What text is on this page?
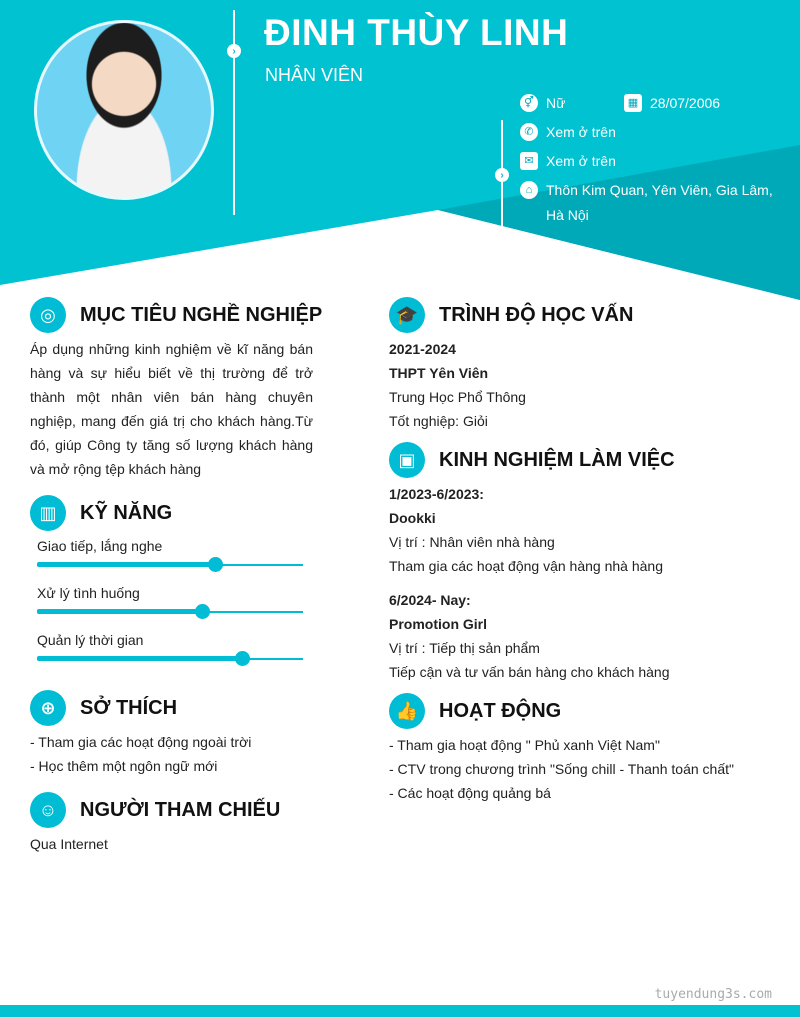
›
›
ĐINH THÙY LINH
NHÂN VIÊN
⚥ Nữ	▦ 28/07/2006
✆ Xem ở trên
✉ Xem ở trên
⌂ Thôn Kim Quan, Yên Viên, Gia Lâm,
Hà Nội
◎	MỤC TIÊU NGHỀ NGHIỆP
Áp dụng những kinh nghiệm về kĩ năng bán hàng và sự hiểu biết về thị trường để trở thành một nhân viên bán hàng chuyên nghiệp, mang đến giá trị cho khách hàng.Từ đó, giúp Công ty tăng số lượng khách hàng và mở rộng tệp khách hàng
▥	KỸ NĂNG
Giao tiếp, lắng nghe
Xử lý tình huống
Quản lý thời gian
⊕	SỞ THÍCH
- Tham gia các hoạt động ngoài trời
- Học thêm một ngôn ngữ mới
☺	NGƯỜI THAM CHIẾU
Qua Internet
🎓	TRÌNH ĐỘ HỌC VẤN
2021-2024
THPT Yên Viên
Trung Học Phổ Thông
Tốt nghiệp: Giỏi
▣	KINH NGHIỆM LÀM VIỆC
1/2023-6/2023:
Dookki
Vị trí : Nhân viên nhà hàng
Tham gia các hoạt động vận hàng nhà hàng
6/2024- Nay:
Promotion Girl
Vị trí : Tiếp thị sản phẩm
Tiếp cận và tư vấn bán hàng cho khách hàng
👍	HOẠT ĐỘNG
- Tham gia hoạt động " Phủ xanh Việt Nam"
- CTV trong chương trình "Sống chill - Thanh toán chất"
- Các hoạt động quảng bá
tuyendung3s.com
